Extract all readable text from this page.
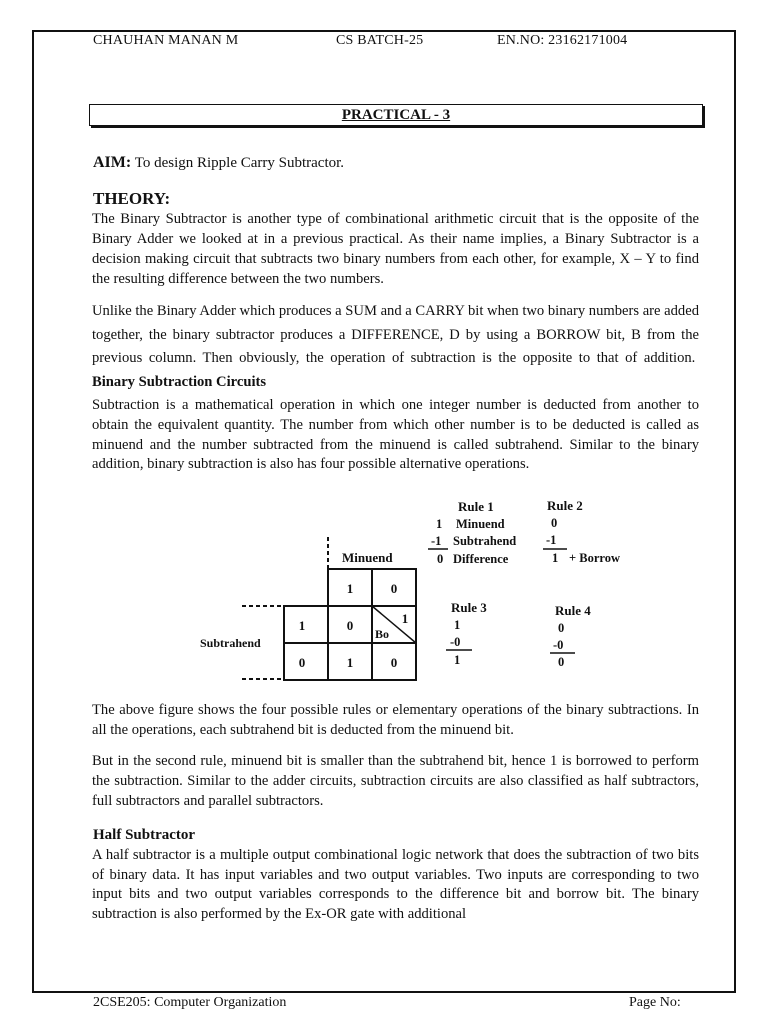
CHAUHAN MANAN M	CS BATCH-25	EN.NO: 23162171004
PRACTICAL - 3
AIM: To design Ripple Carry Subtractor.
THEORY:

The Binary Subtractor is another type of combinational arithmetic circuit that is the opposite of the Binary Adder we looked at in a previous practical. As their name implies, a Binary Subtractor is a decision making circuit that subtracts two binary numbers from each other, for example, X – Y to find the resulting difference between the two numbers.

Unlike the Binary Adder which produces a SUM and a CARRY bit when two binary numbers are added together, the binary subtractor produces a DIFFERENCE, D by using a BORROW bit, B from the previous column. Then obviously, the operation of subtraction is the opposite to that of addition.  Binary Subtraction Circuits

Subtraction is a mathematical operation in which one integer number is deducted from another to obtain the equivalent quantity. The number from which other number is to be deducted is called as minuend and the number subtracted from the minuend is called subtrahend. Similar to the binary addition, binary subtraction is also has four possible alternative operations.

Minuend
Subtrahend
1	0
1
0
0	1
1	0
Bo
Rule 1
1 Minuend
-1 Subtrahend
0 Difference
Rule 2
0
-1
1 + Borrow
Rule 3
1
-0
1
Rule 4
0
-0
0

The above figure shows the four possible rules or elementary operations of the binary subtractions. In all the operations, each subtrahend bit is deducted from the minuend bit.

But in the second rule, minuend bit is smaller than the subtrahend bit, hence 1 is borrowed to perform the subtraction. Similar to the adder circuits, subtraction circuits are also classified as half subtractors, full subtractors and parallel subtractors.

Half Subtractor

A half subtractor is a multiple output combinational logic network that does the subtraction of two bits of binary data. It has input variables and two output variables. Two inputs are corresponding to two input bits and two output variables corresponds to the difference bit and borrow bit. The binary subtraction is also performed by the Ex-OR gate with additional

2CSE205: Computer Organization	Page No:
